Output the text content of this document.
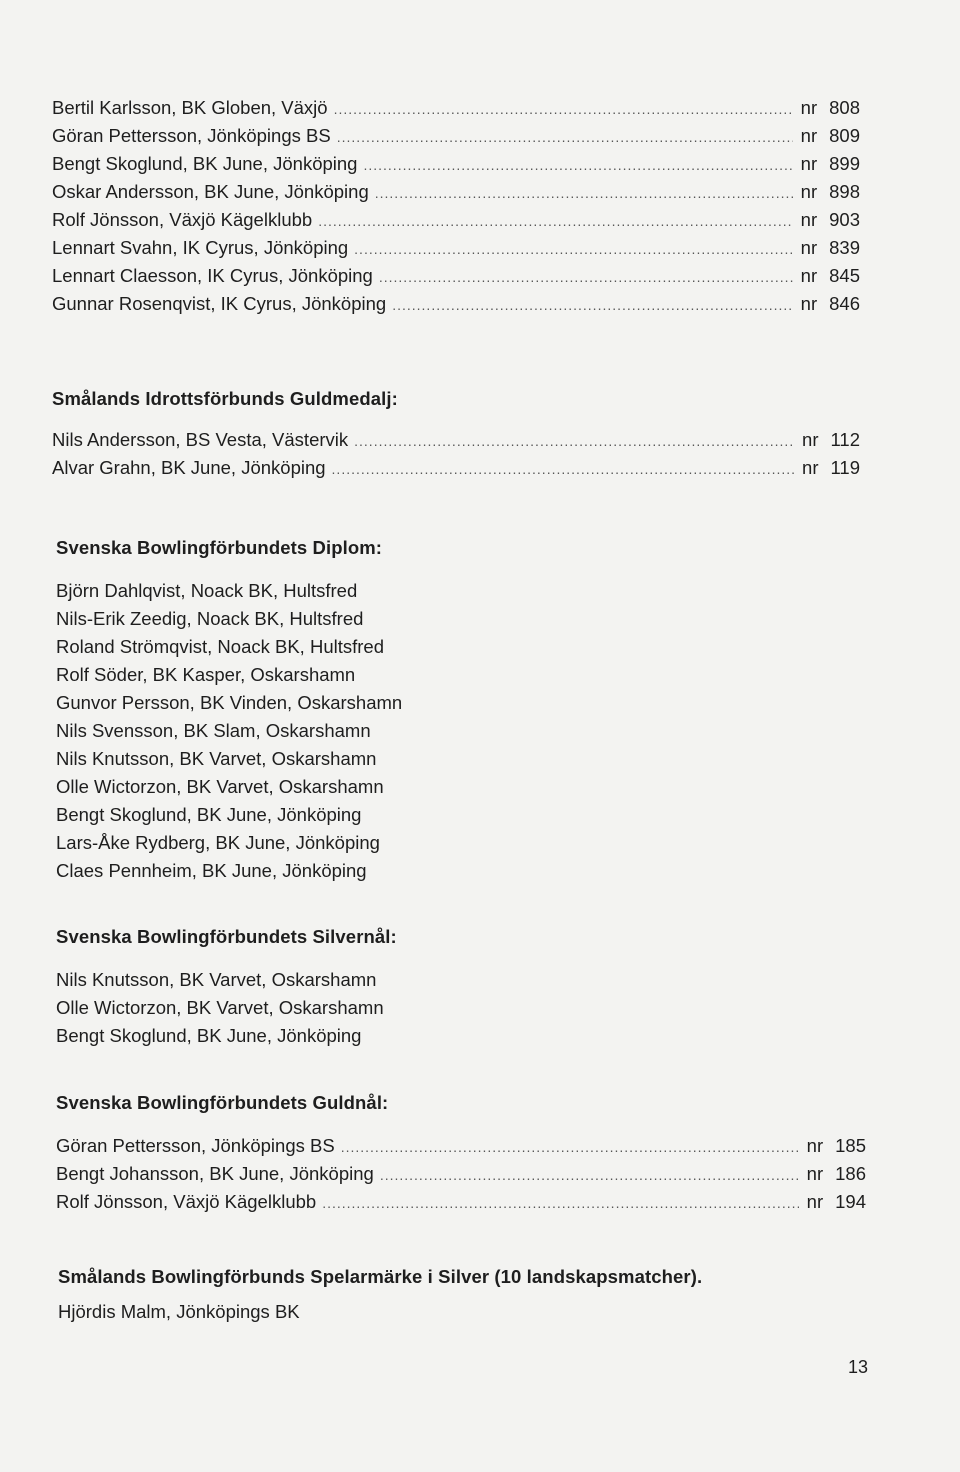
Bertil Karlsson, BK Globen, Växjö .....	nr 808
Göran Pettersson, Jönköpings BS .....	nr 809
Bengt Skoglund, BK June, Jönköping .....	nr 899
Oskar Andersson, BK June, Jönköping .....	nr 898
Rolf Jönsson, Växjö Kägelklubb .....	nr 903
Lennart Svahn, IK Cyrus, Jönköping .....	nr 839
Lennart Claesson, IK Cyrus, Jönköping .....	nr 845
Gunnar Rosenqvist, IK Cyrus, Jönköping .....	nr 846
Smålands Idrottsförbunds Guldmedalj:
Nils Andersson, BS Vesta, Västervik .....	nr 112
Alvar Grahn, BK June, Jönköping .....	nr 119
Svenska Bowlingförbundets Diplom:
Björn Dahlqvist, Noack BK, Hultsfred
Nils-Erik Zeedig, Noack BK, Hultsfred
Roland Strömqvist, Noack BK, Hultsfred
Rolf Söder, BK Kasper, Oskarshamn
Gunvor Persson, BK Vinden, Oskarshamn
Nils Svensson, BK Slam, Oskarshamn
Nils Knutsson, BK Varvet, Oskarshamn
Olle Wictorzon, BK Varvet, Oskarshamn
Bengt Skoglund, BK June, Jönköping
Lars-Åke Rydberg, BK June, Jönköping
Claes Pennheim, BK June, Jönköping
Svenska Bowlingförbundets Silvernål:
Nils Knutsson, BK Varvet, Oskarshamn
Olle Wictorzon, BK Varvet, Oskarshamn
Bengt Skoglund, BK June, Jönköping
Svenska Bowlingförbundets Guldnål:
Göran Pettersson, Jönköpings BS .....	nr 185
Bengt Johansson, BK June, Jönköping .....	nr 186
Rolf Jönsson, Växjö Kägelklubb .....	nr 194
Smålands Bowlingförbunds Spelarmärke i Silver (10 landskapsmatcher).
Hjördis Malm, Jönköpings BK
13
